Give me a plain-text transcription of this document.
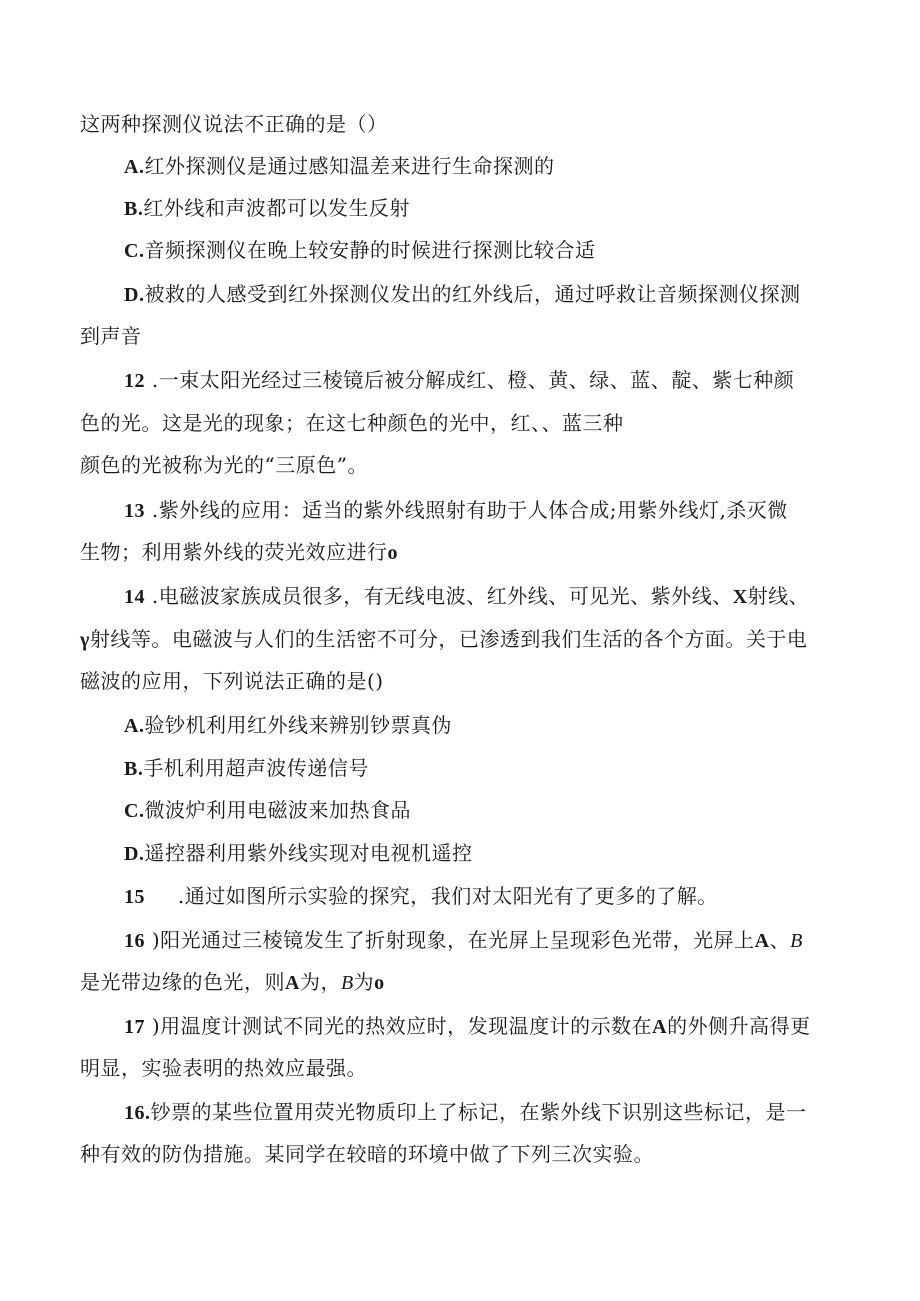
这两种探测仪说法不正确的是（）
A.红外探测仪是通过感知温差来进行生命探测的
B.红外线和声波都可以发生反射
C.音频探测仪在晚上较安静的时候进行探测比较合适
D.被救的人感受到红外探测仪发出的红外线后，通过呼救让音频探测仪探测
到声音
12 .一束太阳光经过三棱镜后被分解成红、橙、黄、绿、蓝、靛、紫七种颜
色的光。这是光的现象；在这七种颜色的光中，红、、蓝三种
颜色的光被称为光的“三原色”。
13 .紫外线的应用：适当的紫外线照射有助于人体合成;用紫外线灯,杀灭微
生物；利用紫外线的荧光效应进行o
14 .电磁波家族成员很多，有无线电波、红外线、可见光、紫外线、X射线、
γ射线等。电磁波与人们的生活密不可分，已渗透到我们生活的各个方面。关于电
磁波的应用，下列说法正确的是()
A.验钞机利用红外线来辨别钞票真伪
B.手机利用超声波传递信号
C.微波炉利用电磁波来加热食品
D.遥控器利用紫外线实现对电视机遥控
15 .通过如图所示实验的探究，我们对太阳光有了更多的了解。
16 )阳光通过三棱镜发生了折射现象，在光屏上呈现彩色光带，光屏上A、B
是光带边缘的色光，则A为，B为o
17 )用温度计测试不同光的热效应时，发现温度计的示数在A的外侧升高得更
明显，实验表明的热效应最强。
16.钞票的某些位置用荧光物质印上了标记，在紫外线下识别这些标记，是一
种有效的防伪措施。某同学在较暗的环境中做了下列三次实验。
